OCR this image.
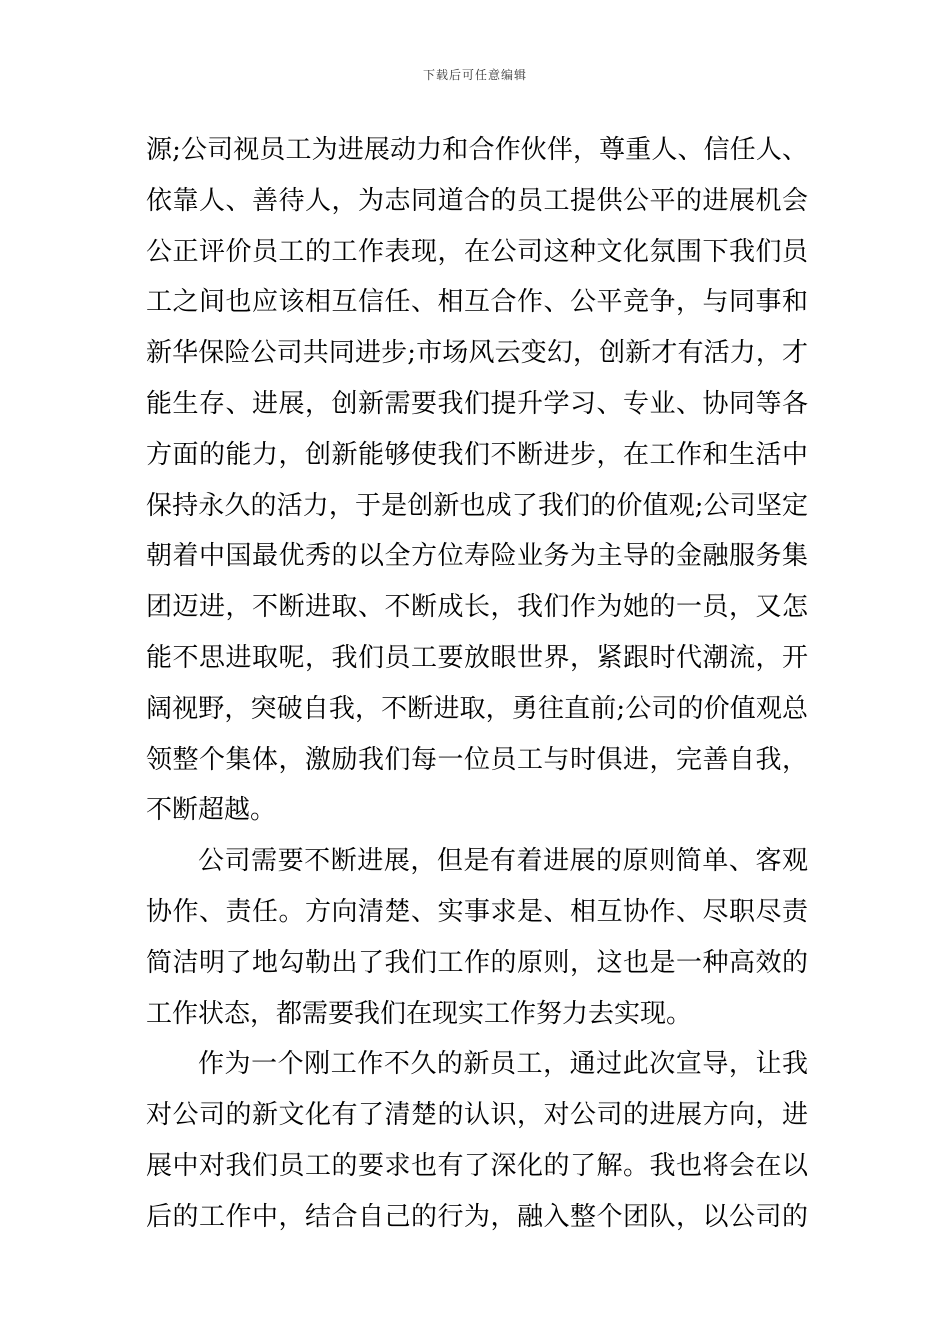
下载后可任意编辑
源;公司视员工为进展动力和合作伙伴，尊重人、信任人、
依靠人、善待人，为志同道合的员工提供公平的进展机会
公正评价员工的工作表现，在公司这种文化氛围下我们员
工之间也应该相互信任、相互合作、公平竞争，与同事和
新华保险公司共同进步;市场风云变幻，创新才有活力，才
能生存、进展，创新需要我们提升学习、专业、协同等各
方面的能力，创新能够使我们不断进步，在工作和生活中
保持永久的活力，于是创新也成了我们的价值观;公司坚定
朝着中国最优秀的以全方位寿险业务为主导的金融服务集
团迈进，不断进取、不断成长，我们作为她的一员，又怎
能不思进取呢，我们员工要放眼世界，紧跟时代潮流，开
阔视野，突破自我，不断进取，勇往直前;公司的价值观总
领整个集体，激励我们每一位员工与时俱进，完善自我，
不断超越。
公司需要不断进展，但是有着进展的原则简单、客观
协作、责任。方向清楚、实事求是、相互协作、尽职尽责
简洁明了地勾勒出了我们工作的原则，这也是一种高效的
工作状态，都需要我们在现实工作努力去实现。
作为一个刚工作不久的新员工，通过此次宣导，让我
对公司的新文化有了清楚的认识，对公司的进展方向，进
展中对我们员工的要求也有了深化的了解。我也将会在以
后的工作中，结合自己的行为，融入整个团队，以公司的
